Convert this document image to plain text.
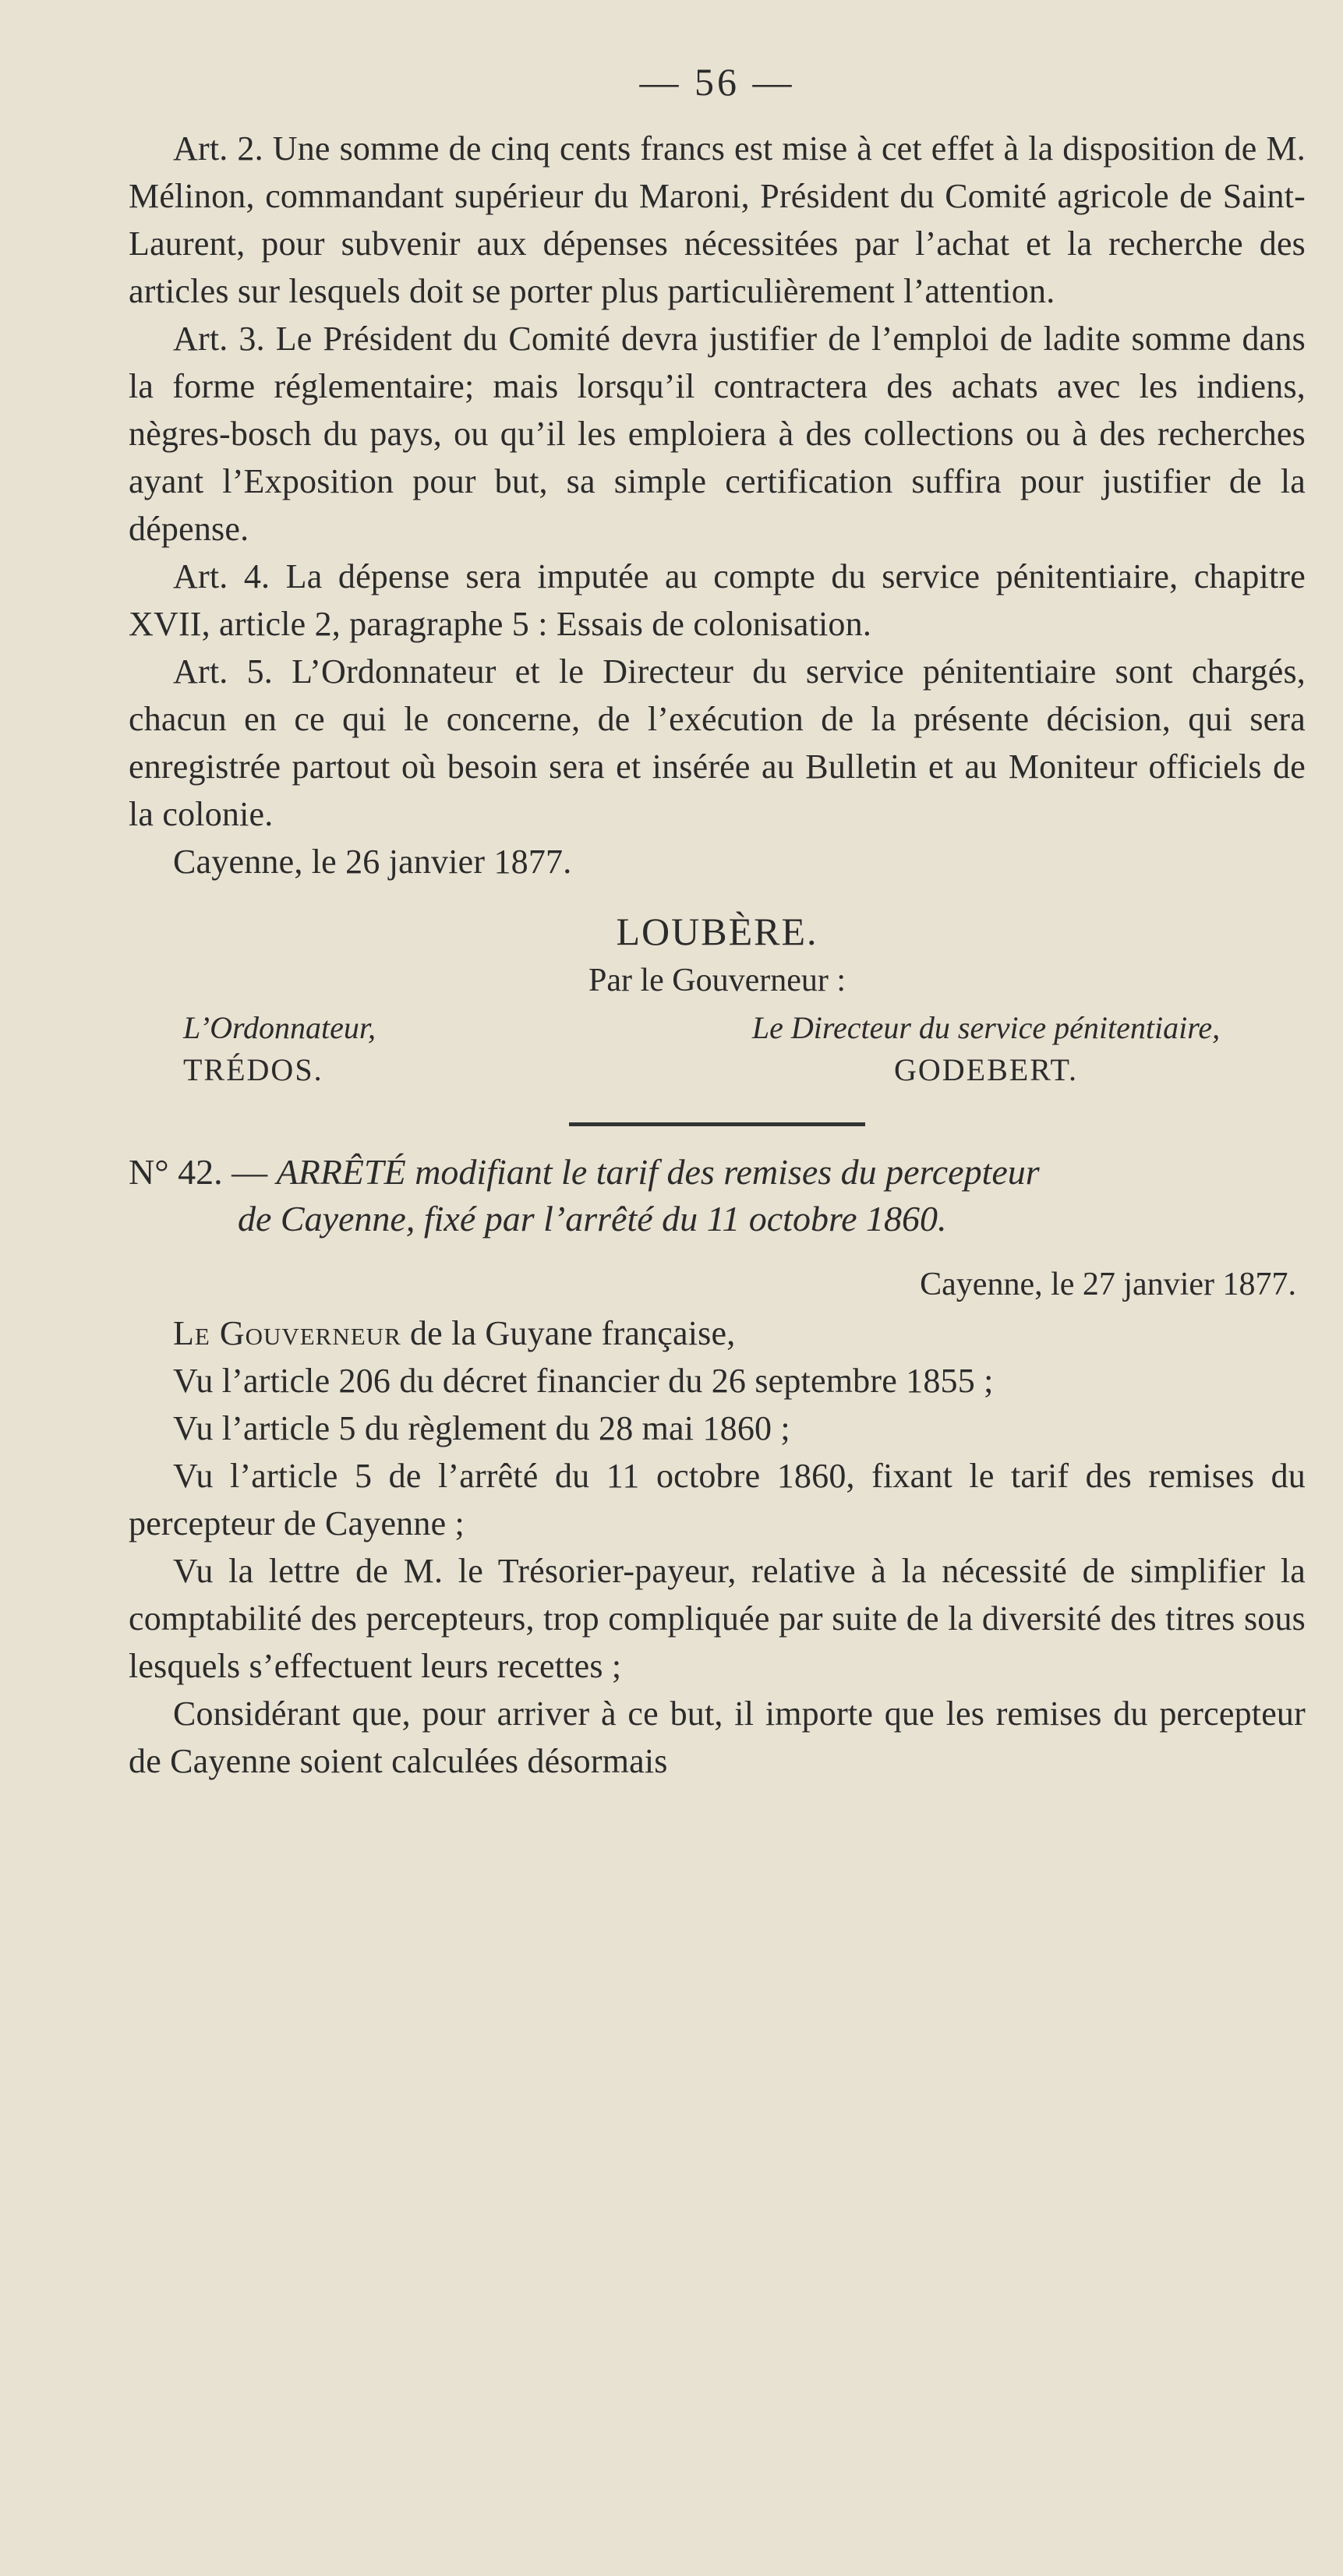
— 56 —

Art. 2. Une somme de cinq cents francs est mise à cet effet à la disposition de M. Mélinon, commandant supérieur du Maroni, Président du Comité agricole de Saint-Laurent, pour subvenir aux dépenses nécessitées par l’achat et la recherche des articles sur lesquels doit se porter plus particulièrement l’attention.

Art. 3. Le Président du Comité devra justifier de l’emploi de ladite somme dans la forme réglementaire; mais lorsqu’il contractera des achats avec les indiens, nègres-bosch du pays, ou qu’il les emploiera à des collections ou à des recherches ayant l’Exposition pour but, sa simple certification suffira pour justifier de la dépense.

Art. 4. La dépense sera imputée au compte du service pénitentiaire, chapitre XVII, article 2, paragraphe 5 : Essais de colonisation.

Art. 5. L’Ordonnateur et le Directeur du service pénitentiaire sont chargés, chacun en ce qui le concerne, de l’exécution de la présente décision, qui sera enregistrée partout où besoin sera et insérée au Bulletin et au Moniteur officiels de la colonie.

Cayenne, le 26 janvier 1877.

LOUBÈRE.
Par le Gouverneur :
L’Ordonnateur,
TRÉDOS.
Le Directeur du service pénitentiaire,
GODEBERT.
N° 42. — ARRÊTÉ modifiant le tarif des remises du percepteur
de Cayenne, fixé par l’arrêté du 11 octobre 1860.
Cayenne, le 27 janvier 1877.

Le Gouverneur de la Guyane française,

Vu l’article 206 du décret financier du 26 septembre 1855 ;

Vu l’article 5 du règlement du 28 mai 1860 ;

Vu l’article 5 de l’arrêté du 11 octobre 1860, fixant le tarif des remises du percepteur de Cayenne ;

Vu la lettre de M. le Trésorier-payeur, relative à la nécessité de simplifier la comptabilité des percepteurs, trop compliquée par suite de la diversité des titres sous lesquels s’effectuent leurs recettes ;

Considérant que, pour arriver à ce but, il importe que les remises du percepteur de Cayenne soient calculées désormais
